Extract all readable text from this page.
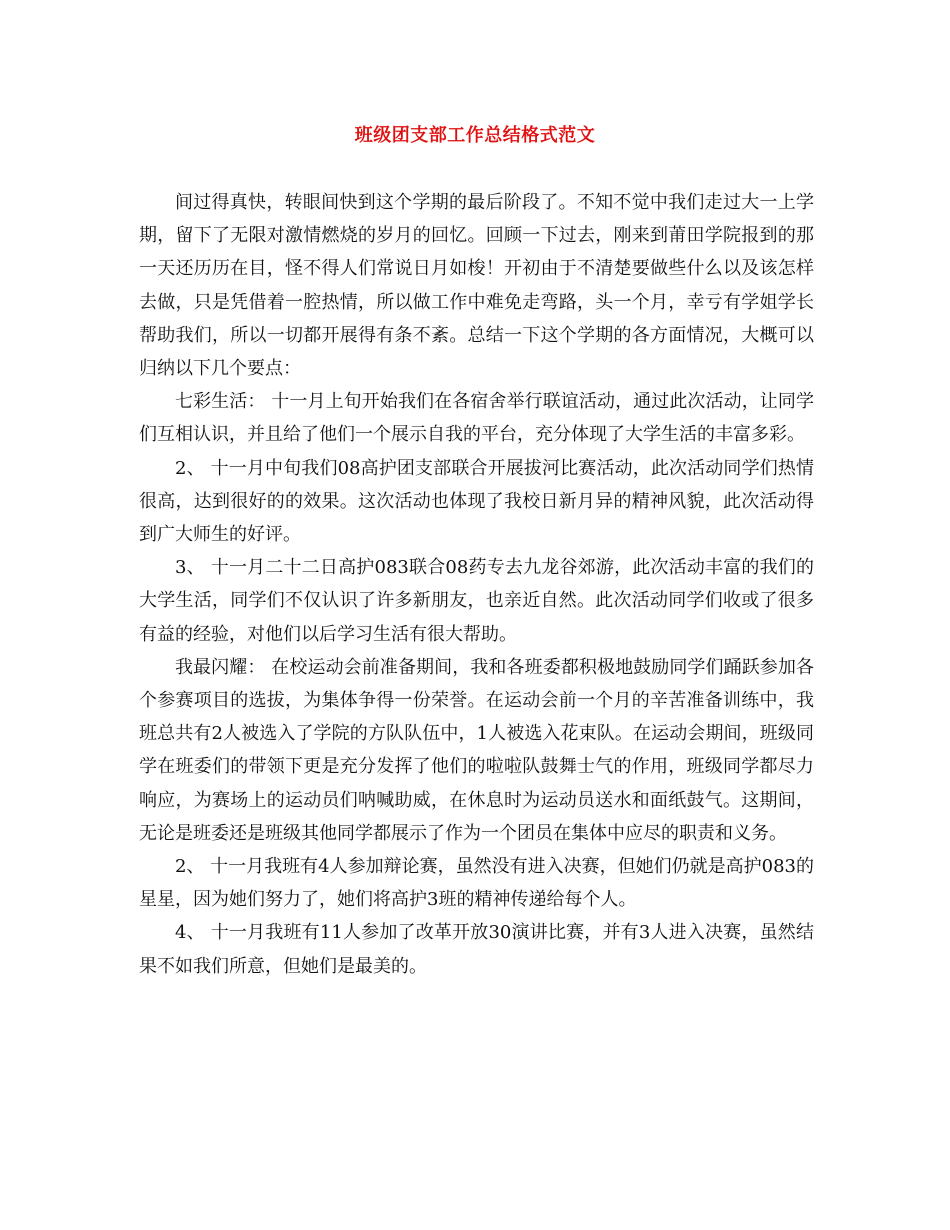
班级团支部工作总结格式范文

间过得真快，转眼间快到这个学期的最后阶段了。不知不觉中我们走过大一上学期，留下了无限对激情燃烧的岁月的回忆。回顾一下过去，刚来到莆田学院报到的那一天还历历在目，怪不得人们常说日月如梭！开初由于不清楚要做些什么以及该怎样去做，只是凭借着一腔热情，所以做工作中难免走弯路，头一个月，幸亏有学姐学长帮助我们，所以一切都开展得有条不紊。总结一下这个学期的各方面情况，大概可以归纳以下几个要点：

七彩生活： 十一月上旬开始我们在各宿舍举行联谊活动，通过此次活动，让同学们互相认识，并且给了他们一个展示自我的平台，充分体现了大学生活的丰富多彩。

2、 十一月中旬我们08高护团支部联合开展拔河比赛活动，此次活动同学们热情很高，达到很好的的效果。这次活动也体现了我校日新月异的精神风貌，此次活动得到广大师生的好评。

3、 十一月二十二日高护083联合08药专去九龙谷郊游，此次活动丰富的我们的大学生活，同学们不仅认识了许多新朋友，也亲近自然。此次活动同学们收或了很多有益的经验，对他们以后学习生活有很大帮助。

我最闪耀： 在校运动会前准备期间，我和各班委都积极地鼓励同学们踊跃参加各个参赛项目的选拔，为集体争得一份荣誉。在运动会前一个月的辛苦准备训练中，我班总共有2人被选入了学院的方队队伍中，1人被选入花束队。在运动会期间，班级同学在班委们的带领下更是充分发挥了他们的啦啦队鼓舞士气的作用，班级同学都尽力响应，为赛场上的运动员们呐喊助威，在休息时为运动员送水和面纸鼓气。这期间，无论是班委还是班级其他同学都展示了作为一个团员在集体中应尽的职责和义务。

2、 十一月我班有4人参加辩论赛，虽然没有进入决赛，但她们仍就是高护083的星星，因为她们努力了，她们将高护3班的精神传递给每个人。

4、 十一月我班有11人参加了改革开放30演讲比赛，并有3人进入决赛，虽然结果不如我们所意，但她们是最美的。
